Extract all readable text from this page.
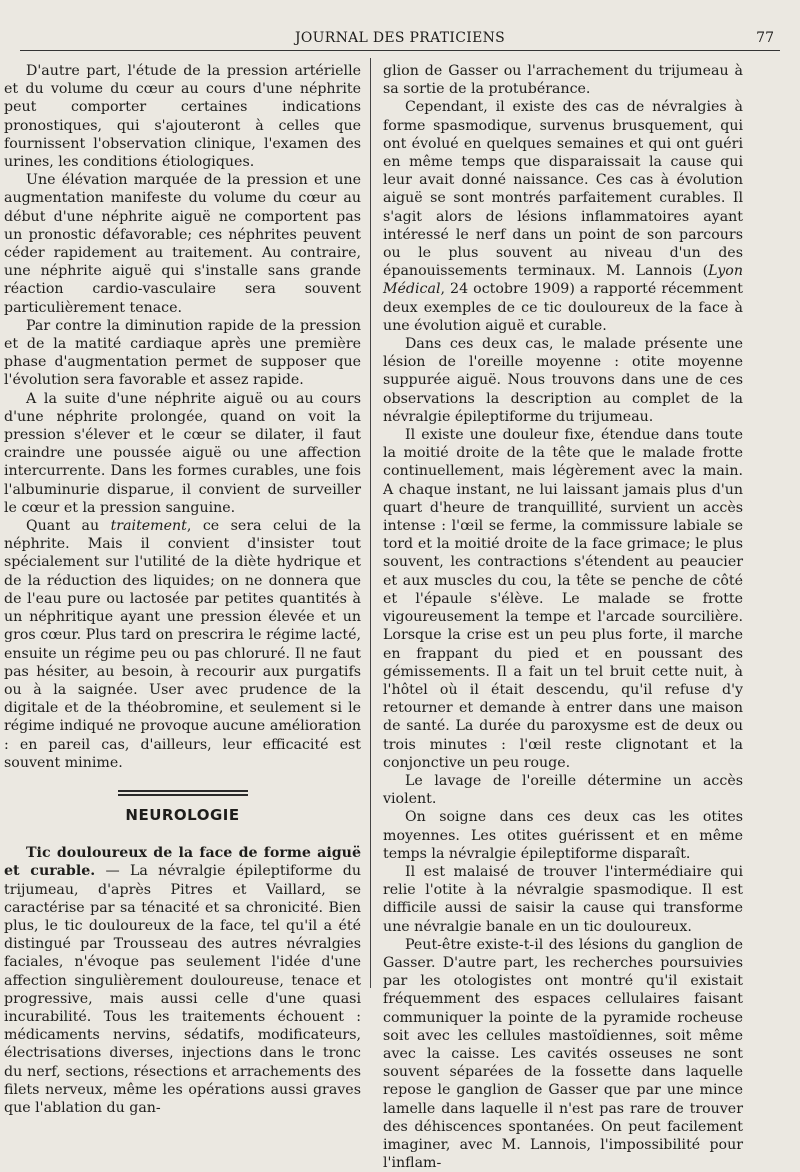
JOURNAL DES PRATICIENS	77

D'autre part, l'étude de la pression artérielle et du volume du cœur au cours d'une néphrite peut comporter certaines indications pronostiques, qui s'ajouteront à celles que fournissent l'observation clinique, l'examen des urines, les conditions étiologiques.

Une élévation marquée de la pression et une augmentation manifeste du volume du cœur au début d'une néphrite aiguë ne comportent pas un pronostic défavorable; ces néphrites peuvent céder rapidement au traitement. Au contraire, une néphrite aiguë qui s'installe sans grande réaction cardio-vasculaire sera souvent particulièrement tenace.

Par contre la diminution rapide de la pression et de la matité cardiaque après une première phase d'augmentation permet de supposer que l'évolution sera favorable et assez rapide.

A la suite d'une néphrite aiguë ou au cours d'une néphrite prolongée, quand on voit la pression s'élever et le cœur se dilater, il faut craindre une poussée aiguë ou une affection intercurrente. Dans les formes curables, une fois l'albuminurie disparue, il convient de surveiller le cœur et la pression sanguine.

Quant au traitement, ce sera celui de la néphrite. Mais il convient d'insister tout spécialement sur l'utilité de la diète hydrique et de la réduction des liquides; on ne donnera que de l'eau pure ou lactosée par petites quantités à un néphritique ayant une pression élevée et un gros cœur. Plus tard on prescrira le régime lacté, ensuite un régime peu ou pas chloruré. Il ne faut pas hésiter, au besoin, à recourir aux purgatifs ou à la saignée. User avec prudence de la digitale et de la théobromine, et seulement si le régime indiqué ne provoque aucune amélioration : en pareil cas, d'ailleurs, leur efficacité est souvent minime.

NEUROLOGIE

Tic douloureux de la face de forme aiguë et curable. — La névralgie épileptiforme du trijumeau, d'après Pitres et Vaillard, se caractérise par sa ténacité et sa chronicité. Bien plus, le tic douloureux de la face, tel qu'il a été distingué par Trousseau des autres névralgies faciales, n'évoque pas seulement l'idée d'une affection singulièrement douloureuse, tenace et progressive, mais aussi celle d'une quasi incurabilité. Tous les traitements échouent : médicaments nervins, sédatifs, modificateurs, électrisations diverses, injections dans le tronc du nerf, sections, résections et arrachements des filets nerveux, même les opérations aussi graves que l'ablation du gan-

glion de Gasser ou l'arrachement du trijumeau à sa sortie de la protubérance.

Cependant, il existe des cas de névralgies à forme spasmodique, survenus brusquement, qui ont évolué en quelques semaines et qui ont guéri en même temps que disparaissait la cause qui leur avait donné naissance. Ces cas à évolution aiguë se sont montrés parfaitement curables. Il s'agit alors de lésions inflammatoires ayant intéressé le nerf dans un point de son parcours ou le plus souvent au niveau d'un des épanouissements terminaux. M. Lannois (Lyon Médical, 24 octobre 1909) a rapporté récemment deux exemples de ce tic douloureux de la face à une évolution aiguë et curable.

Dans ces deux cas, le malade présente une lésion de l'oreille moyenne : otite moyenne suppurée aiguë. Nous trouvons dans une de ces observations la description au complet de la névralgie épileptiforme du trijumeau.

Il existe une douleur fixe, étendue dans toute la moitié droite de la tête que le malade frotte continuellement, mais légèrement avec la main. A chaque instant, ne lui laissant jamais plus d'un quart d'heure de tranquillité, survient un accès intense : l'œil se ferme, la commissure labiale se tord et la moitié droite de la face grimace; le plus souvent, les contractions s'étendent au peaucier et aux muscles du cou, la tête se penche de côté et l'épaule s'élève. Le malade se frotte vigoureusement la tempe et l'arcade sourcilière. Lorsque la crise est un peu plus forte, il marche en frappant du pied et en poussant des gémissements. Il a fait un tel bruit cette nuit, à l'hôtel où il était descendu, qu'il refuse d'y retourner et demande à entrer dans une maison de santé. La durée du paroxysme est de deux ou trois minutes : l'œil reste clignotant et la conjonctive un peu rouge.

Le lavage de l'oreille détermine un accès violent.

On soigne dans ces deux cas les otites moyennes. Les otites guérissent et en même temps la névralgie épileptiforme disparaît.

Il est malaisé de trouver l'intermédiaire qui relie l'otite à la névralgie spasmodique. Il est difficile aussi de saisir la cause qui transforme une névralgie banale en un tic douloureux.

Peut-être existe-t-il des lésions du ganglion de Gasser. D'autre part, les recherches poursuivies par les otologistes ont montré qu'il existait fréquemment des espaces cellulaires faisant communiquer la pointe de la pyramide rocheuse soit avec les cellules mastoïdiennes, soit même avec la caisse. Les cavités osseuses ne sont souvent séparées de la fossette dans laquelle repose le ganglion de Gasser que par une mince lamelle dans laquelle il n'est pas rare de trouver des déhiscences spontanées. On peut facilement imaginer, avec M. Lannois, l'impossibilité pour l'inflam-
